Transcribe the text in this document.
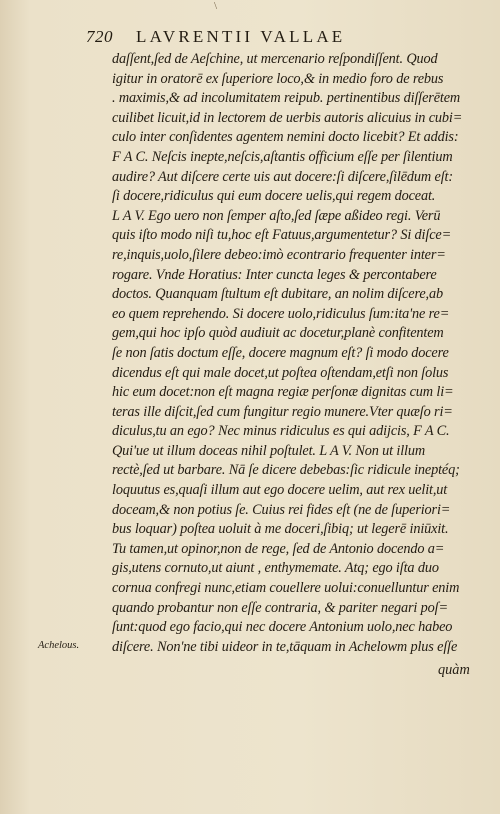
\
720 LAVRENTII VALLAE
daſſent,ſed de Aeſchine, ut mercenario reſpondiſſent. Quod
igitur in oratorē ex ſuperiore loco,& in medio foro de rebus
. maximis,& ad incolumitatem reipub. pertinentibus diſſerētem
cuilibet licuit,id in lectorem de uerbis autoris alicuius in cubi=
culo inter conſidentes agentem nemini docto licebit? Et addis:
F A C. Neſcis inepte,neſcis,aſtantis officium eſſe per ſilentium
audire? Aut diſcere certe uis aut docere:ſi diſcere,ſilēdum eſt:
ſi docere,ridiculus qui eum docere uelis,qui regem doceat.
L A V. Ego uero non ſemper aſto,ſed ſæpe aßideo regi. Verū
quis iſto modo niſi tu,hoc eſt Fatuus,argumentetur? Si diſce=
re,inquis,uolo,ſilere debeo:imò econtrario frequenter inter=
rogare. Vnde Horatius: Inter cuncta leges & percontabere
doctos. Quanquam ſtultum eſt dubitare, an nolim diſcere,ab
eo quem reprehendo. Si docere uolo,ridiculus ſum:ita'ne re=
gem,qui hoc ipſo quòd audiuit ac docetur,planè confitentem
ſe non ſatis doctum eſſe, docere magnum eſt? ſi modo docere
dicendus eſt qui male docet,ut poſtea oſtendam,etſi non ſolus
hic eum docet:non eſt magna regiæ perſonæ dignitas cum li=
teras ille diſcit,ſed cum fungitur regio munere.Vter quæſo ri=
diculus,tu an ego? Nec minus ridiculus es qui adijcis, F A C.
Qui'ue ut illum doceas nihil poſtulet. L A V. Non ut illum
rectè,ſed ut barbare. Nā ſe dicere debebas:ſic ridicule ineptéq;
loquutus es,quaſi illum aut ego docere uelim, aut rex uelit,ut
doceam,& non potius ſe. Cuius rei fides eſt (ne de ſuperiori=
bus loquar) poſtea uoluit à me doceri,ſibiq; ut legerē iniūxit.
Tu tamen,ut opinor,non de rege, ſed de Antonio docendo a=
gis,utens cornuto,ut aiunt , enthymemate. Atq; ego iſta duo
cornua confregi nunc,etiam couellere uolui:conuelluntur enim
quando probantur non eſſe contraria, & pariter negari poſ=
ſunt:quod ego facio,qui nec docere Antonium uolo,nec habeo
diſcere. Non'ne tibi uideor in te,tāquam in Achelowm plus eſſe
Achelous.
quàm
